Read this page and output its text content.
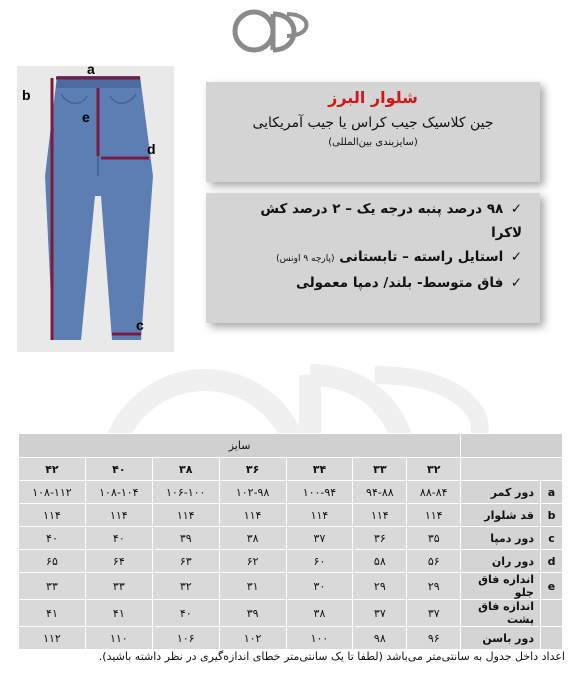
a
b
c
d
e
شلوار البرز
جین کلاسیک جیب کراس یا جیب آمریکایی
(سایزبندی بین‌المللی)
✓ ۹۸ درصد پنبه درجه یک – ۲ درصد کش
لاکرا
✓ استایل راسته – تابستانی (پارچه ۹ اونس)
✓ فاق متوسط- بلند/ دمپا معمولی
سایز								
۴۲	۴۰	۳۸	۳۶	۳۴	۳۳	۳۲		
۱۰۸-۱۱۲	۱۰۸-۱۰۴	۱۰۶-۱۰۰	۱۰۲-۹۸	۱۰۰-۹۴	۹۴-۸۸	۸۸-۸۴	دور کمر	a
۱۱۴	۱۱۴	۱۱۴	۱۱۴	۱۱۴	۱۱۴	۱۱۴	قد شلوار	b
۴۰	۴۰	۳۹	۳۸	۳۷	۳۶	۳۵	دور دمپا	c
۶۵	۶۴	۶۳	۶۲	۶۰	۵۸	۵۶	دور ران	d
۳۳	۳۳	۳۲	۳۱	۳۰	۲۹	۲۹	اندازه فاق جلو	e
۴۱	۴۱	۴۰	۳۹	۳۸	۳۷	۳۷	اندازه فاق پشت	
۱۱۲	۱۱۰	۱۰۶	۱۰۲	۱۰۰	۹۸	۹۶	دور باسن	
اعداد داخل جدول به سانتی‌متر می‌باشد (لطفا تا یک سانتی‌متر خطای اندازه‌گیری در نظر داشته باشید).
